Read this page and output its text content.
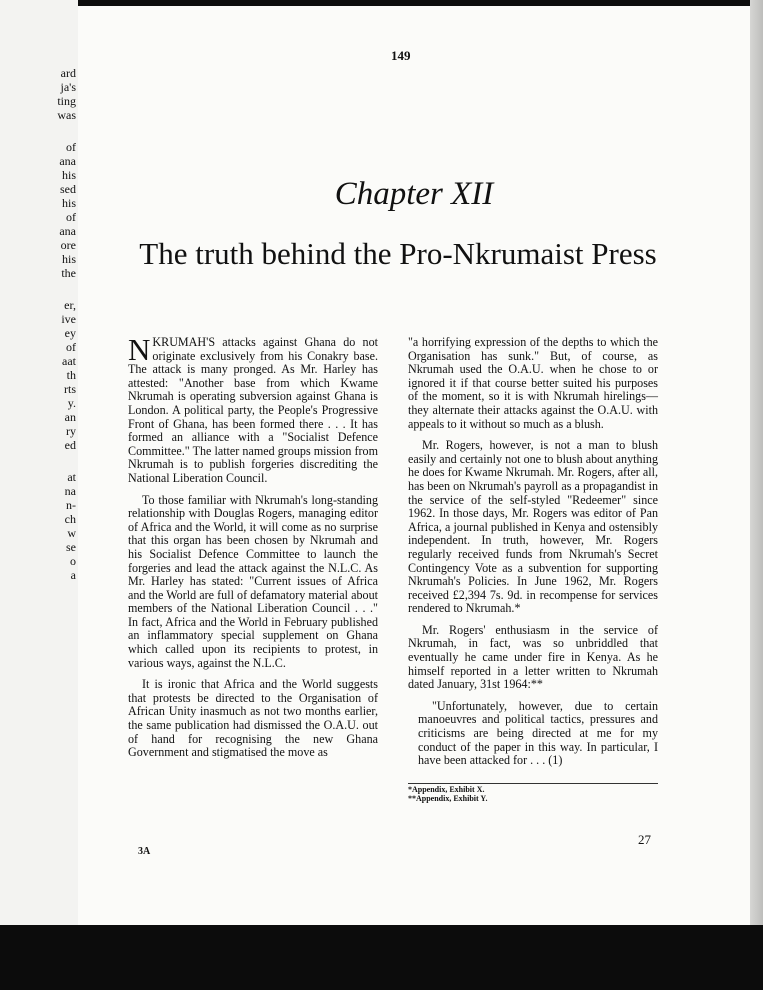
ard
ja's
ting
was
of
ana
his
sed
his
of
ana
ore
his
the
er,
ive
ey
of
aat
th
rts
y.
an
ry
ed
at
na
n-
ch
w
se
o
a
149
Chapter XII
The truth behind the Pro-Nkrumaist Press

NKRUMAH'S attacks against Ghana do not originate exclusively from his Conakry base. The attack is many pronged. As Mr. Harley has attested: "Another base from which Kwame Nkrumah is operating subversion against Ghana is London. A political party, the People's Progressive Front of Ghana, has been formed there . . . It has formed an alliance with a "Socialist Defence Committee." The latter named groups mission from Nkrumah is to publish forgeries discrediting the National Liberation Council.

To those familiar with Nkrumah's long-standing relationship with Douglas Rogers, managing editor of Africa and the World, it will come as no surprise that this organ has been chosen by Nkrumah and his Socialist Defence Committee to launch the forgeries and lead the attack against the N.L.C. As Mr. Harley has stated: "Current issues of Africa and the World are full of defamatory material about members of the National Liberation Council . . ." In fact, Africa and the World in February published an inflammatory special supplement on Ghana which called upon its recipients to protest, in various ways, against the N.L.C.

It is ironic that Africa and the World suggests that protests be directed to the Organisation of African Unity inasmuch as not two months earlier, the same publication had dismissed the O.A.U. out of hand for recognising the new Ghana Government and stigmatised the move as

"a horrifying expression of the depths to which the Organisation has sunk." But, of course, as Nkrumah used the O.A.U. when he chose to or ignored it if that course better suited his purposes of the moment, so it is with Nkrumah hirelings—they alternate their attacks against the O.A.U. with appeals to it without so much as a blush.

Mr. Rogers, however, is not a man to blush easily and certainly not one to blush about anything he does for Kwame Nkrumah. Mr. Rogers, after all, has been on Nkrumah's payroll as a propagandist in the service of the self-styled "Redeemer" since 1962. In those days, Mr. Rogers was editor of Pan Africa, a journal published in Kenya and ostensibly independent. In truth, however, Mr. Rogers regularly received funds from Nkrumah's Secret Contingency Vote as a subvention for supporting Nkrumah's Policies. In June 1962, Mr. Rogers received £2,394 7s. 9d. in recompense for services rendered to Nkrumah.*

Mr. Rogers' enthusiasm in the service of Nkrumah, in fact, was so unbriddled that eventually he came under fire in Kenya. As he himself reported in a letter written to Nkrumah dated January, 31st 1964:**

"Unfortunately, however, due to certain manoeuvres and political tactics, pressures and criticisms are being directed at me for my conduct of the paper in this way. In particular, I have been attacked for . . . (1)

*Appendix, Exhibit X.
**Appendix, Exhibit Y.
27
3A
